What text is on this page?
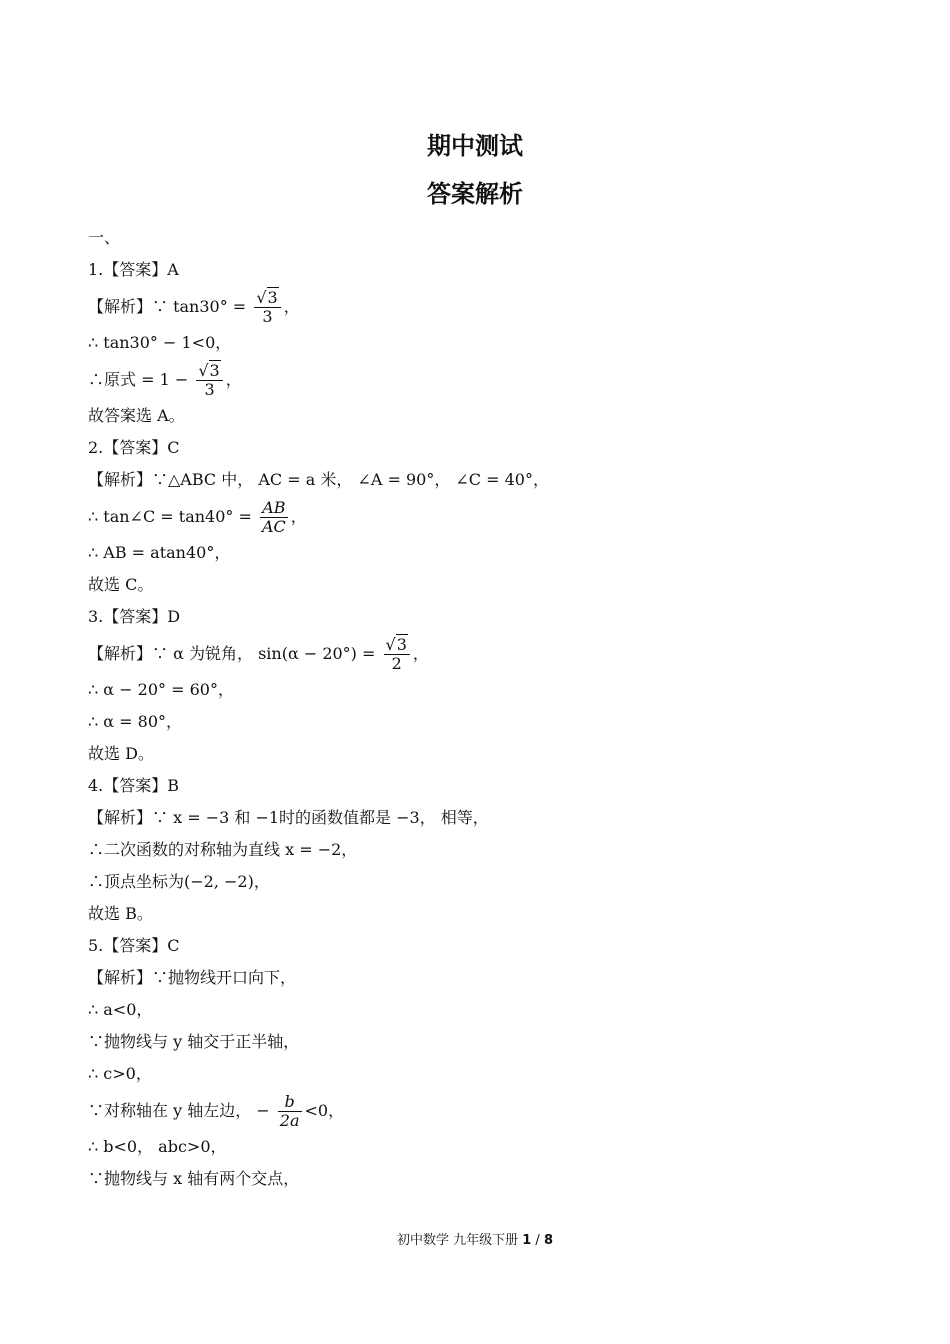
期中测试
答案解析
一、
1.【答案】A
【解析】∵ $\tan 30^\circ = \frac{√3}{3}$ ，
∴ tan30° − 1<0，
∴原式 = $1 - \frac{√3}{3}$ ，
故答案选 A。
2.【答案】C
【解析】∵△ABC 中， AC = a 米， ∠A = 90°， ∠C = 40°，
∴ tan∠C = $\tan 40^\circ = \frac{AB}{AC}$ ，
∴ AB = atan40°，
故选 C。
3.【答案】D
【解析】∵ α 为锐角， $\sin(\alpha - 20^\circ) = \frac{√3}{2}$ ，
∴ α − 20° = 60°，
∴ α = 80°，
故选 D。
4.【答案】B
【解析】∵ x = −3 和 −1时的函数值都是 −3， 相等，
∴二次函数的对称轴为直线 x = −2，
∴顶点坐标为(−2, −2)，
故选 B。
5.【答案】C
【解析】∵抛物线开口向下，
∴ a<0，
∵抛物线与 y 轴交于正半轴，
∴ c>0，
∵对称轴在 y 轴左边， − $\frac{b}{2a} <0$，
∴ b<0， abc>0，
∵抛物线与 x 轴有两个交点，
初中数学 九年级下册 1 / 8
